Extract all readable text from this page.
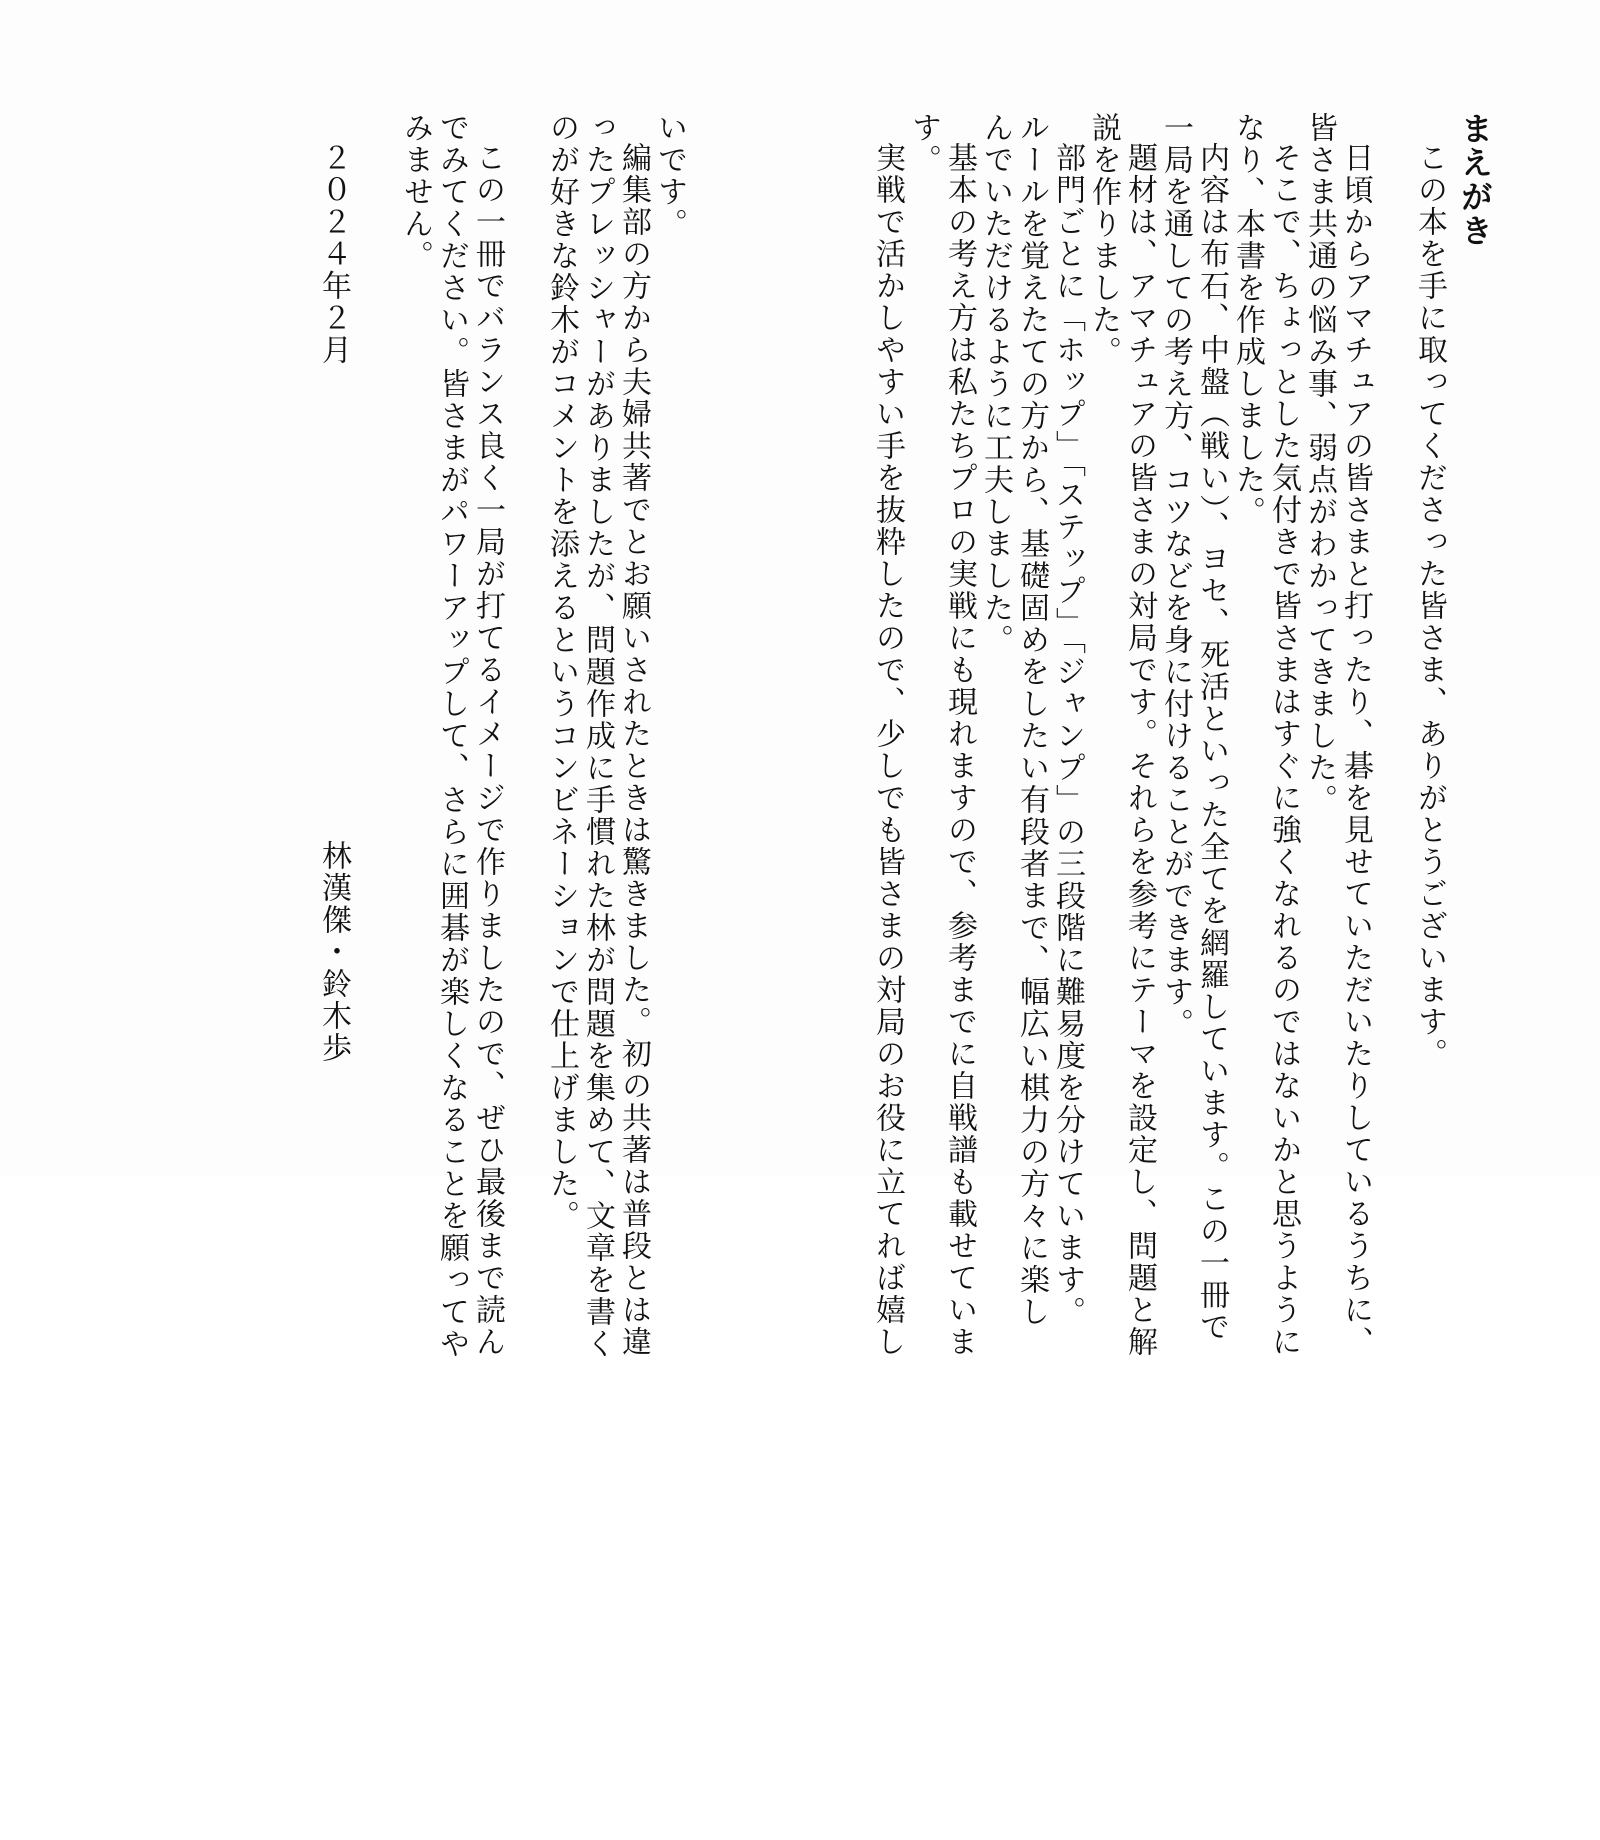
まえがき
この本を手に取ってくださった皆さま、ありがとうございます。
日頃からアマチュアの皆さまと打ったり、碁を見せていただいたりしているうちに、
皆さま共通の悩み事、弱点がわかってきました。
そこで、ちょっとした気付きで皆さまはすぐに強くなれるのではないかと思うように
なり、本書を作成しました。
内容は布石、中盤（戦い）、ヨセ、死活といった全てを網羅しています。この一冊で
一局を通しての考え方、コツなどを身に付けることができます。
題材は、アマチュアの皆さまの対局です。それらを参考にテーマを設定し、問題と解
説を作りました。
部門ごとに「ホップ」「ステップ」「ジャンプ」の三段階に難易度を分けています。
ルールを覚えたての方から、基礎固めをしたい有段者まで、幅広い棋力の方々に楽し
んでいただけるように工夫しました。
基本の考え方は私たちプロの実戦にも現れますので、参考までに自戦譜も載せていま
す。
実戦で活かしやすい手を抜粋したので、少しでも皆さまの対局のお役に立てれば嬉し
いです。
編集部の方から夫婦共著でとお願いされたときは驚きました。初の共著は普段とは違
ったプレッシャーがありましたが、問題作成に手慣れた林が問題を集めて、文章を書く
のが好きな鈴木がコメントを添えるというコンビネーションで仕上げました。
この一冊でバランス良く一局が打てるイメージで作りましたので、ぜひ最後まで読ん
でみてください。皆さまがパワーアップして、さらに囲碁が楽しくなることを願ってや
みません。
２０２４年２月
林漢傑・鈴木歩
